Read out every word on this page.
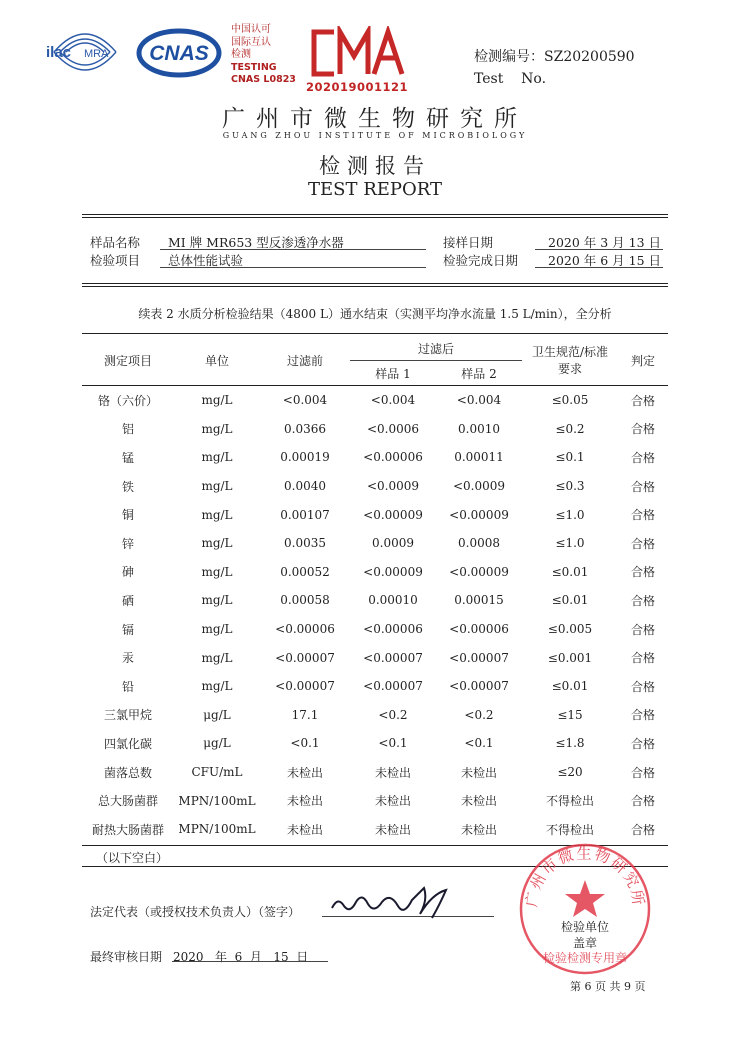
ilac MRA CNAS
中国认可
国际互认
检测
TESTING
CNAS L0823
202019001121
检测编号：SZ20200590
Test    No.
广州市微生物研究所
GUANG ZHOU INSTITUTE OF MICROBIOLOGY
检测报告
TEST REPORT
样品名称 MI 牌 MR653 型反渗透净水器
检验项目 总体性能试验
接样日期	2020 年 3 月 13 日
检验完成日期 2020 年 6 月 15 日
续表 2 水质分析检验结果（4800 L）通水结束（实测平均净水流量 1.5 L/min），全分析
测定项目	单位	过滤前	过滤后		卫生规范/标准要求	判定
			样品 1	样品 2		
铬（六价）	mg/L	<0.004	<0.004	<0.004	≤0.05	合格
铝	mg/L	0.0366	<0.0006	0.0010	≤0.2	合格
锰	mg/L	0.00019	<0.00006	0.00011	≤0.1	合格
铁	mg/L	0.0040	<0.0009	<0.0009	≤0.3	合格
铜	mg/L	0.00107	<0.00009	<0.00009	≤1.0	合格
锌	mg/L	0.0035	0.0009	0.0008	≤1.0	合格
砷	mg/L	0.00052	<0.00009	<0.00009	≤0.01	合格
硒	mg/L	0.00058	0.00010	0.00015	≤0.01	合格
镉	mg/L	<0.00006	<0.00006	<0.00006	≤0.005	合格
汞	mg/L	<0.00007	<0.00007	<0.00007	≤0.001	合格
铅	mg/L	<0.00007	<0.00007	<0.00007	≤0.01	合格
三氯甲烷	μg/L	17.1	<0.2	<0.2	≤15	合格
四氯化碳	μg/L	<0.1	<0.1	<0.1	≤1.8	合格
菌落总数	CFU/mL	未检出	未检出	未检出	≤20	合格
总大肠菌群	MPN/100mL	未检出	未检出	未检出	不得检出	合格
耐热大肠菌群	MPN/100mL	未检出	未检出	未检出	不得检出	合格
（以下空白）
法定代表（或授权技术负责人）（签字）
最终审核日期 2020   年  6  月   15  日
广州市微生物研究所
检验检测专用章
检验单位
盖章
第 6 页 共 9 页
